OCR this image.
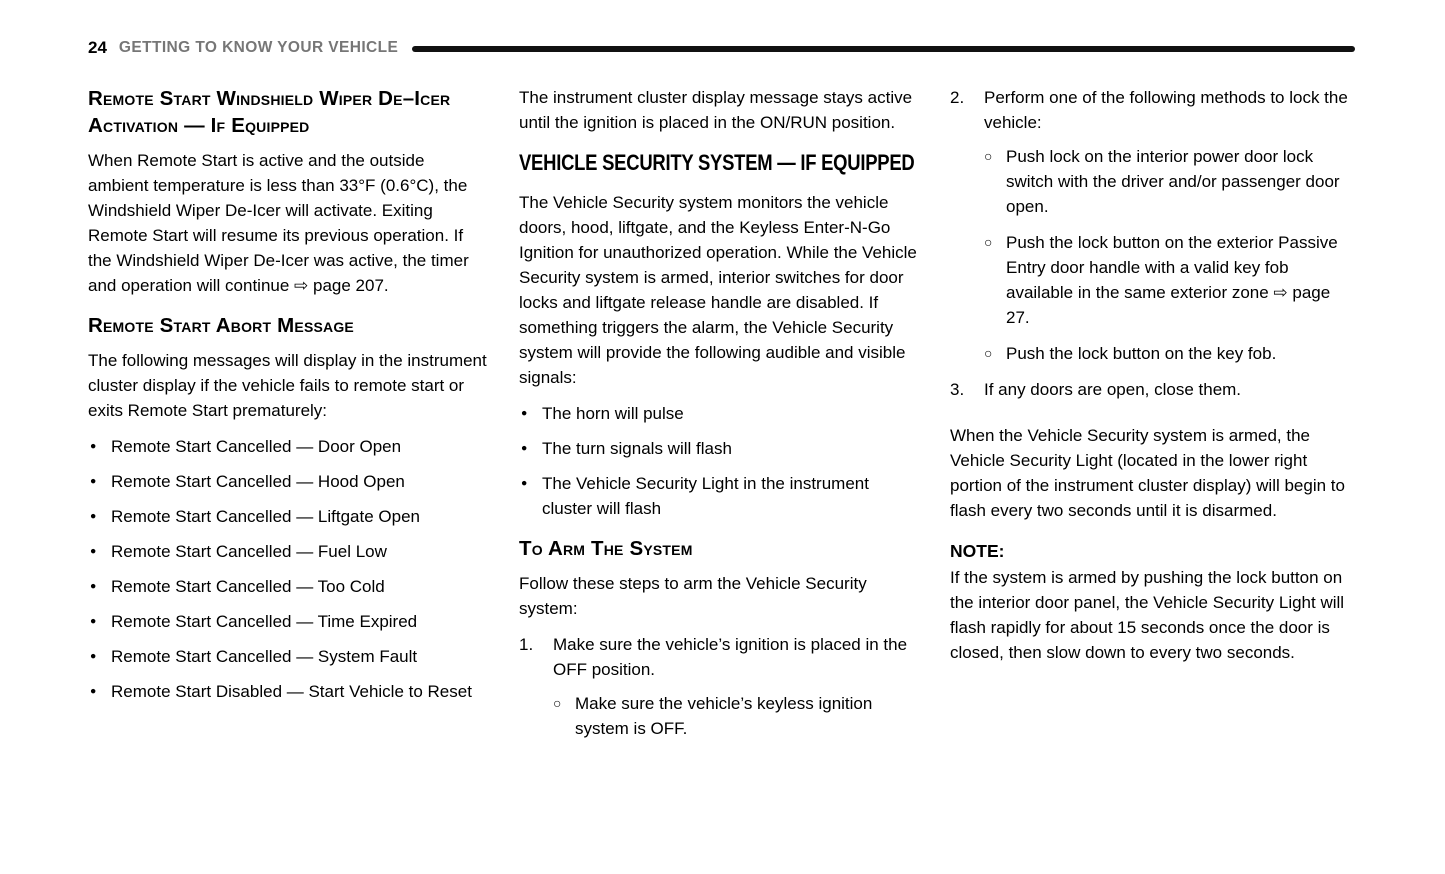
24 GETTING TO KNOW YOUR VEHICLE
Remote Start Windshield Wiper De–Icer Activation — If Equipped

When Remote Start is active and the outside ambient temperature is less than 33°F (0.6°C), the Windshield Wiper De-Icer will activate. Exiting Remote Start will resume its previous operation. If the Windshield Wiper De-Icer was active, the timer and operation will continue ⇨ page 207.

Remote Start Abort Message

The following messages will display in the instrument cluster display if the vehicle fails to remote start or exits Remote Start prematurely:

● Remote Start Cancelled — Door Open
● Remote Start Cancelled — Hood Open
● Remote Start Cancelled — Liftgate Open
● Remote Start Cancelled — Fuel Low
● Remote Start Cancelled — Too Cold
● Remote Start Cancelled — Time Expired
● Remote Start Cancelled — System Fault
● Remote Start Disabled — Start Vehicle to Reset

The instrument cluster display message stays active until the ignition is placed in the ON/RUN position.

VEHICLE SECURITY SYSTEM — IF EQUIPPED

The Vehicle Security system monitors the vehicle doors, hood, liftgate, and the Keyless Enter-N-Go Ignition for unauthorized operation. While the Vehicle Security system is armed, interior switches for door locks and liftgate release handle are disabled. If something triggers the alarm, the Vehicle Security system will provide the following audible and visible signals:

● The horn will pulse
● The turn signals will flash
● The Vehicle Security Light in the instrument cluster will flash
To Arm The System

Follow these steps to arm the Vehicle Security system:

1.	Make sure the vehicle’s ignition is placed in the OFF position.

○ Make sure the vehicle’s keyless ignition system is OFF.
2.	Perform one of the following methods to lock the vehicle:

○ Push lock on the interior power door lock switch with the driver and/or passenger door open.
○ Push the lock button on the exterior Passive Entry door handle with a valid key fob available in the same exterior zone ⇨ page 27.
○ Push the lock button on the key fob.
3.	If any doors are open, close them.

When the Vehicle Security system is armed, the Vehicle Security Light (located in the lower right portion of the instrument cluster display) will begin to flash every two seconds until it is disarmed.

NOTE:

If the system is armed by pushing the lock button on the interior door panel, the Vehicle Security Light will flash rapidly for about 15 seconds once the door is closed, then slow down to every two seconds.
